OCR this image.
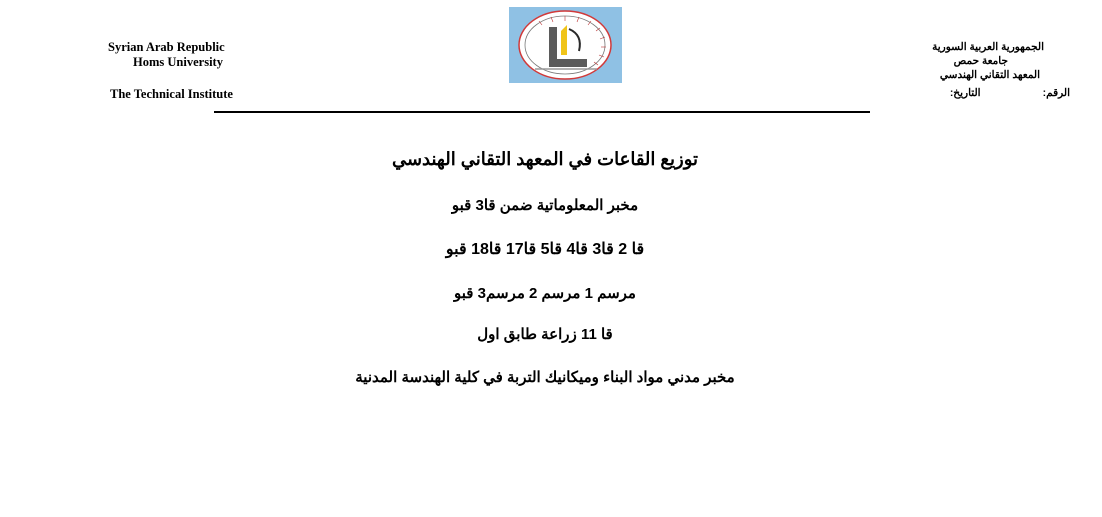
Syrian Arab Republic
Homs University
The Technical Institute
الجمهورية العربية السورية
جامعة حمص
المعهد التقاني الهندسي
الرقم:
التاريخ:
توزيع القاعات في المعهد التقاني الهندسي
مخبر المعلوماتية ضمن قا3 قبو
قا 2 قا3 قا4 قا5 قا17 قا18 قبو
مرسم 1 مرسم 2 مرسم3 قبو
قا 11 زراعة طابق اول
مخبر مدني مواد البناء وميكانيك التربة في كلية الهندسة المدنية
